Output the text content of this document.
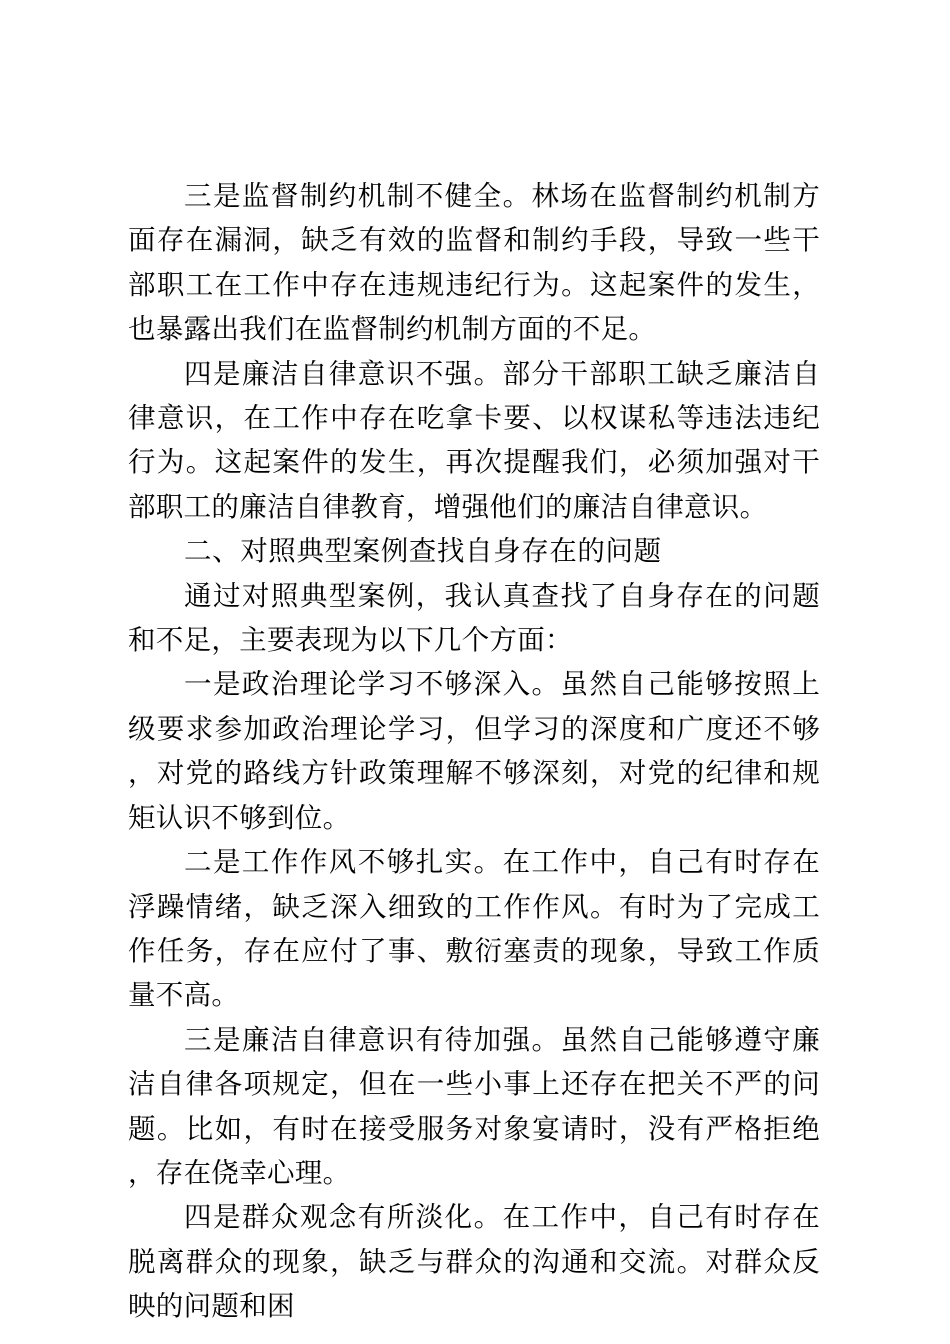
三是监督制约机制不健全。林场在监督制约机制方面存在漏洞，缺乏有效的监督和制约手段，导致一些干部职工在工作中存在违规违纪行为。这起案件的发生，也暴露出我们在监督制约机制方面的不足。

四是廉洁自律意识不强。部分干部职工缺乏廉洁自律意识，在工作中存在吃拿卡要、以权谋私等违法违纪行为。这起案件的发生，再次提醒我们，必须加强对干部职工的廉洁自律教育，增强他们的廉洁自律意识。

二、对照典型案例查找自身存在的问题

通过对照典型案例，我认真查找了自身存在的问题和不足，主要表现为以下几个方面：

一是政治理论学习不够深入。虽然自己能够按照上级要求参加政治理论学习，但学习的深度和广度还不够，对党的路线方针政策理解不够深刻，对党的纪律和规矩认识不够到位。

二是工作作风不够扎实。在工作中，自己有时存在浮躁情绪，缺乏深入细致的工作作风。有时为了完成工作任务，存在应付了事、敷衍塞责的现象，导致工作质量不高。

三是廉洁自律意识有待加强。虽然自己能够遵守廉洁自律各项规定，但在一些小事上还存在把关不严的问题。比如，有时在接受服务对象宴请时，没有严格拒绝，存在侥幸心理。

四是群众观念有所淡化。在工作中，自己有时存在脱离群众的现象，缺乏与群众的沟通和交流。对群众反映的问题和困
